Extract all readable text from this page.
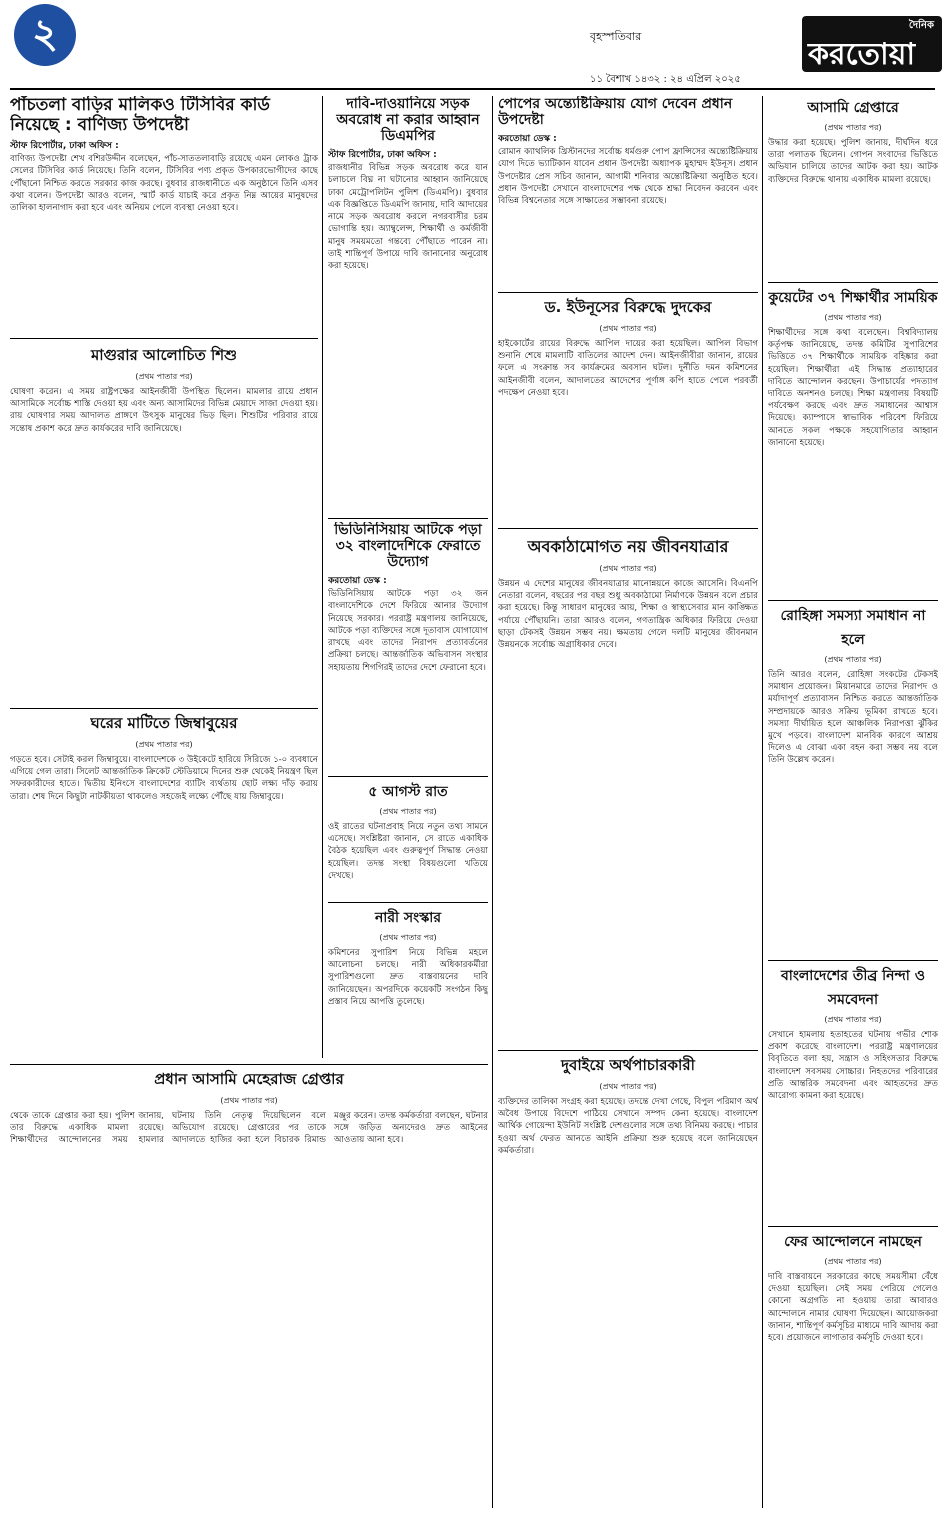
২	বৃহস্পতিবার
১১ বৈশাখ ১৪৩২ : ২৪ এপ্রিল ২০২৫
দৈনিক
করতোয়া
পাঁচতলা বাড়ির মালিকও টিসিবির কার্ড নিয়েছে : বাণিজ্য উপদেষ্টা
স্টাফ রিপোর্টার, ঢাকা অফিস :
বাণিজ্য উপদেষ্টা শেখ বশিরউদ্দীন বলেছেন, পাঁচ-সাততলাবাড়ি রয়েছে এমন লোকও ট্রাক সেলের টিসিবির কার্ড নিয়েছে। তিনি বলেন, টিসিবির পণ্য প্রকৃত উপকারভোগীদের কাছে পৌঁছানো নিশ্চিত করতে সরকার কাজ করছে। বুধবার রাজধানীতে এক অনুষ্ঠানে তিনি এসব কথা বলেন। উপদেষ্টা আরও বলেন, স্মার্ট কার্ড যাচাই করে প্রকৃত নিম্ন আয়ের মানুষদের তালিকা হালনাগাদ করা হবে এবং অনিয়ম পেলে ব্যবস্থা নেওয়া হবে।
মাগুরার আলোচিত শিশু
(প্রথম পাতার পর)
ঘোষণা করেন। এ সময় রাষ্ট্রপক্ষের আইনজীবী উপস্থিত ছিলেন। মামলার রায়ে প্রধান আসামিকে সর্বোচ্চ শাস্তি দেওয়া হয় এবং অন্য আসামিদের বিভিন্ন মেয়াদে সাজা দেওয়া হয়। রায় ঘোষণার সময় আদালত প্রাঙ্গণে উৎসুক মানুষের ভিড় ছিল। শিশুটির পরিবার রায়ে সন্তোষ প্রকাশ করে দ্রুত কার্যকরের দাবি জানিয়েছে।
ঘরের মাটিতে জিম্বাবুয়ের
(প্রথম পাতার পর)
গড়তে হবে। সেটাই করল জিম্বাবুয়ে। বাংলাদেশকে ৩ উইকেটে হারিয়ে সিরিজে ১-০ ব্যবধানে এগিয়ে গেল তারা। সিলেট আন্তর্জাতিক ক্রিকেট স্টেডিয়ামে দিনের শুরু থেকেই নিয়ন্ত্রণ ছিল সফরকারীদের হাতে। দ্বিতীয় ইনিংসে বাংলাদেশের ব্যাটিং ব্যর্থতায় ছোট লক্ষ্য দাঁড় করায় তারা। শেষ দিনে কিছুটা নাটকীয়তা থাকলেও সহজেই লক্ষ্যে পৌঁছে যায় জিম্বাবুয়ে।
প্রধান আসামি মেহেরাজ গ্রেপ্তার
(প্রথম পাতার পর)
থেকে তাকে গ্রেপ্তার করা হয়। পুলিশ জানায়, তার বিরুদ্ধে একাধিক মামলা রয়েছে। শিক্ষার্থীদের আন্দোলনের সময় হামলার ঘটনায় তিনি নেতৃত্ব দিয়েছিলেন বলে অভিযোগ রয়েছে। গ্রেপ্তারের পর তাকে আদালতে হাজির করা হলে বিচারক রিমান্ড মঞ্জুর করেন। তদন্ত কর্মকর্তারা বলছেন, ঘটনার সঙ্গে জড়িত অন্যদেরও দ্রুত আইনের আওতায় আনা হবে।
দাবি-দাওয়ানিয়ে সড়ক অবরোধ না করার আহ্বান ডিএমপির
স্টাফ রিপোর্টার, ঢাকা অফিস :
রাজধানীর বিভিন্ন সড়ক অবরোধ করে যান চলাচলে বিঘ্ন না ঘটানোর আহ্বান জানিয়েছে ঢাকা মেট্রোপলিটন পুলিশ (ডিএমপি)। বুধবার এক বিজ্ঞপ্তিতে ডিএমপি জানায়, দাবি আদায়ের নামে সড়ক অবরোধ করলে নগরবাসীর চরম ভোগান্তি হয়। অ্যাম্বুলেন্স, শিক্ষার্থী ও কর্মজীবী মানুষ সময়মতো গন্তব্যে পৌঁছাতে পারেন না। তাই শান্তিপূর্ণ উপায়ে দাবি জানানোর অনুরোধ করা হয়েছে।
ভিডিনিসিয়ায় আটকে পড়া ৩২ বাংলাদেশিকে ফেরাতে উদ্যোগ
করতোয়া ডেস্ক :
ভিডিনিসিয়ায় আটকে পড়া ৩২ জন বাংলাদেশিকে দেশে ফিরিয়ে আনার উদ্যোগ নিয়েছে সরকার। পররাষ্ট্র মন্ত্রণালয় জানিয়েছে, আটকে পড়া ব্যক্তিদের সঙ্গে দূতাবাস যোগাযোগ রাখছে এবং তাদের নিরাপদ প্রত্যাবর্তনের প্রক্রিয়া চলছে। আন্তর্জাতিক অভিবাসন সংস্থার সহায়তায় শিগগিরই তাদের দেশে ফেরানো হবে।
৫ আগস্ট রাত
(প্রথম পাতার পর)
ওই রাতের ঘটনাপ্রবাহ নিয়ে নতুন তথ্য সামনে এসেছে। সংশ্লিষ্টরা জানান, সে রাতে একাধিক বৈঠক হয়েছিল এবং গুরুত্বপূর্ণ সিদ্ধান্ত নেওয়া হয়েছিল। তদন্ত সংস্থা বিষয়গুলো খতিয়ে দেখছে।
নারী সংস্কার
(প্রথম পাতার পর)
কমিশনের সুপারিশ নিয়ে বিভিন্ন মহলে আলোচনা চলছে। নারী অধিকারকর্মীরা সুপারিশগুলো দ্রুত বাস্তবায়নের দাবি জানিয়েছেন। অপরদিকে কয়েকটি সংগঠন কিছু প্রস্তাব নিয়ে আপত্তি তুলেছে।
পোপের অন্ত্যেষ্টিক্রিয়ায় যোগ দেবেন প্রধান উপদেষ্টা
করতোয়া ডেস্ক :
রোমান ক্যাথলিক খ্রিস্টানদের সর্বোচ্চ ধর্মগুরু পোপ ফ্রান্সিসের অন্ত্যেষ্টিক্রিয়ায় যোগ দিতে ভ্যাটিকান যাবেন প্রধান উপদেষ্টা অধ্যাপক মুহাম্মদ ইউনূস। প্রধান উপদেষ্টার প্রেস সচিব জানান, আগামী শনিবার অন্ত্যেষ্টিক্রিয়া অনুষ্ঠিত হবে। প্রধান উপদেষ্টা সেখানে বাংলাদেশের পক্ষ থেকে শ্রদ্ধা নিবেদন করবেন এবং বিভিন্ন বিশ্বনেতার সঙ্গে সাক্ষাতের সম্ভাবনা রয়েছে।
ড. ইউনূসের বিরুদ্ধে দুদকের
(প্রথম পাতার পর)
হাইকোর্টের রায়ের বিরুদ্ধে আপিল দায়ের করা হয়েছিল। আপিল বিভাগ শুনানি শেষে মামলাটি বাতিলের আদেশ দেন। আইনজীবীরা জানান, রায়ের ফলে এ সংক্রান্ত সব কার্যক্রমের অবসান ঘটল। দুর্নীতি দমন কমিশনের আইনজীবী বলেন, আদালতের আদেশের পূর্ণাঙ্গ কপি হাতে পেলে পরবর্তী পদক্ষেপ নেওয়া হবে।
অবকাঠামোগত নয় জীবনযাত্রার
(প্রথম পাতার পর)
উন্নয়ন এ দেশের মানুষের জীবনযাত্রার মানোন্নয়নে কাজে আসেনি। বিএনপি নেতারা বলেন, বছরের পর বছর শুধু অবকাঠামো নির্মাণকে উন্নয়ন বলে প্রচার করা হয়েছে। কিন্তু সাধারণ মানুষের আয়, শিক্ষা ও স্বাস্থ্যসেবার মান কাঙ্ক্ষিত পর্যায়ে পৌঁছায়নি। তারা আরও বলেন, গণতান্ত্রিক অধিকার ফিরিয়ে দেওয়া ছাড়া টেকসই উন্নয়ন সম্ভব নয়। ক্ষমতায় গেলে দলটি মানুষের জীবনমান উন্নয়নকে সর্বোচ্চ অগ্রাধিকার দেবে।
দুবাইয়ে অর্থপাচারকারী
(প্রথম পাতার পর)
ব্যক্তিদের তালিকা সংগ্রহ করা হয়েছে। তদন্তে দেখা গেছে, বিপুল পরিমাণ অর্থ অবৈধ উপায়ে বিদেশে পাঠিয়ে সেখানে সম্পদ কেনা হয়েছে। বাংলাদেশ আর্থিক গোয়েন্দা ইউনিট সংশ্লিষ্ট দেশগুলোর সঙ্গে তথ্য বিনিময় করছে। পাচার হওয়া অর্থ ফেরত আনতে আইনি প্রক্রিয়া শুরু হয়েছে বলে জানিয়েছেন কর্মকর্তারা।
আসামি গ্রেপ্তারে
(প্রথম পাতার পর)
উদ্ধার করা হয়েছে। পুলিশ জানায়, দীর্ঘদিন ধরে তারা পলাতক ছিলেন। গোপন সংবাদের ভিত্তিতে অভিযান চালিয়ে তাদের আটক করা হয়। আটক ব্যক্তিদের বিরুদ্ধে থানায় একাধিক মামলা রয়েছে।
কুয়েটের ৩৭ শিক্ষার্থীর সাময়িক
(প্রথম পাতার পর)
শিক্ষার্থীদের সঙ্গে কথা বলেছেন। বিশ্ববিদ্যালয় কর্তৃপক্ষ জানিয়েছে, তদন্ত কমিটির সুপারিশের ভিত্তিতে ৩৭ শিক্ষার্থীকে সাময়িক বহিষ্কার করা হয়েছিল। শিক্ষার্থীরা এই সিদ্ধান্ত প্রত্যাহারের দাবিতে আন্দোলন করছেন। উপাচার্যের পদত্যাগ দাবিতে অনশনও চলছে। শিক্ষা মন্ত্রণালয় বিষয়টি পর্যবেক্ষণ করছে এবং দ্রুত সমাধানের আশ্বাস দিয়েছে। ক্যাম্পাসে স্বাভাবিক পরিবেশ ফিরিয়ে আনতে সকল পক্ষকে সহযোগিতার আহ্বান জানানো হয়েছে।
রোহিঙ্গা সমস্যা সমাধান না হলে
(প্রথম পাতার পর)
তিনি আরও বলেন, রোহিঙ্গা সংকটের টেকসই সমাধান প্রয়োজন। মিয়ানমারে তাদের নিরাপদ ও মর্যাদাপূর্ণ প্রত্যাবাসন নিশ্চিত করতে আন্তর্জাতিক সম্প্রদায়কে আরও সক্রিয় ভূমিকা রাখতে হবে। সমস্যা দীর্ঘায়িত হলে আঞ্চলিক নিরাপত্তা ঝুঁকির মুখে পড়বে। বাংলাদেশ মানবিক কারণে আশ্রয় দিলেও এ বোঝা একা বহন করা সম্ভব নয় বলে তিনি উল্লেখ করেন।
বাংলাদেশের তীব্র নিন্দা ও সমবেদনা
(প্রথম পাতার পর)
সেখানে হামলায় হতাহতের ঘটনায় গভীর শোক প্রকাশ করেছে বাংলাদেশ। পররাষ্ট্র মন্ত্রণালয়ের বিবৃতিতে বলা হয়, সন্ত্রাস ও সহিংসতার বিরুদ্ধে বাংলাদেশ সবসময় সোচ্চার। নিহতদের পরিবারের প্রতি আন্তরিক সমবেদনা এবং আহতদের দ্রুত আরোগ্য কামনা করা হয়েছে।
ফের আন্দোলনে নামছেন
(প্রথম পাতার পর)
দাবি বাস্তবায়নে সরকারের কাছে সময়সীমা বেঁধে দেওয়া হয়েছিল। সেই সময় পেরিয়ে গেলেও কোনো অগ্রগতি না হওয়ায় তারা আবারও আন্দোলনে নামার ঘোষণা দিয়েছেন। আয়োজকরা জানান, শান্তিপূর্ণ কর্মসূচির মাধ্যমে দাবি আদায় করা হবে। প্রয়োজনে লাগাতার কর্মসূচি দেওয়া হবে।
